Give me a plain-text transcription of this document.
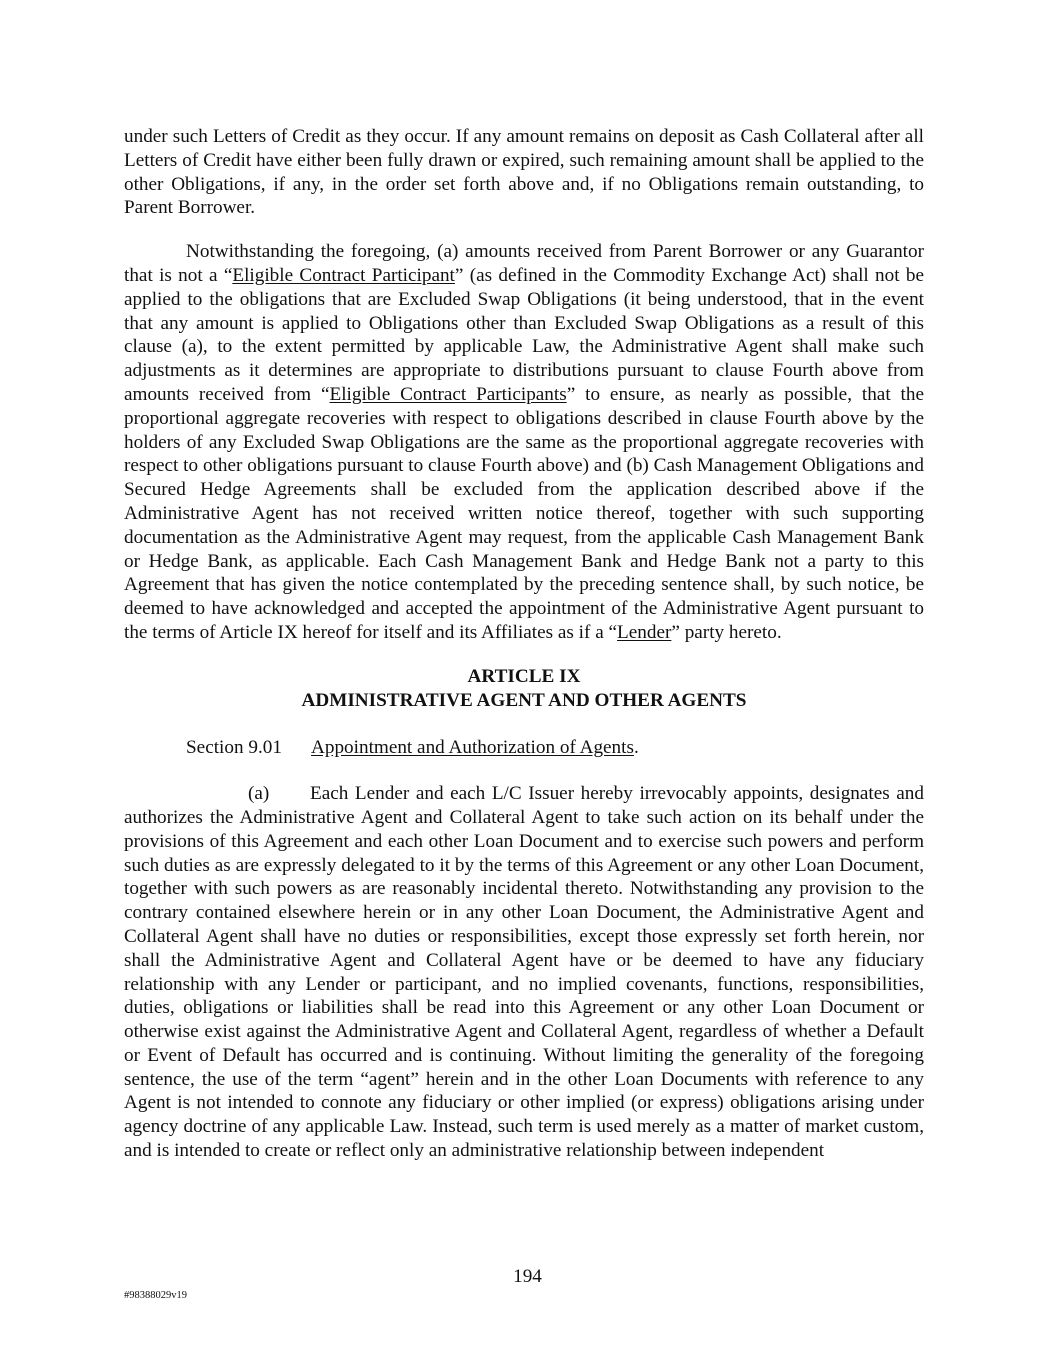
under such Letters of Credit as they occur. If any amount remains on deposit as Cash Collateral after all Letters of Credit have either been fully drawn or expired, such remaining amount shall be applied to the other Obligations, if any, in the order set forth above and, if no Obligations remain outstanding, to Parent Borrower.

Notwithstanding the foregoing, (a) amounts received from Parent Borrower or any Guarantor that is not a “Eligible Contract Participant” (as defined in the Commodity Exchange Act) shall not be applied to the obligations that are Excluded Swap Obligations (it being understood, that in the event that any amount is applied to Obligations other than Excluded Swap Obligations as a result of this clause (a), to the extent permitted by applicable Law, the Administrative Agent shall make such adjustments as it determines are appropriate to distributions pursuant to clause Fourth above from amounts received from “Eligible Contract Participants” to ensure, as nearly as possible, that the proportional aggregate recoveries with respect to obligations described in clause Fourth above by the holders of any Excluded Swap Obligations are the same as the proportional aggregate recoveries with respect to other obligations pursuant to clause Fourth above) and (b) Cash Management Obligations and Secured Hedge Agreements shall be excluded from the application described above if the Administrative Agent has not received written notice thereof, together with such supporting documentation as the Administrative Agent may request, from the applicable Cash Management Bank or Hedge Bank, as applicable. Each Cash Management Bank and Hedge Bank not a party to this Agreement that has given the notice contemplated by the preceding sentence shall, by such notice, be deemed to have acknowledged and accepted the appointment of the Administrative Agent pursuant to the terms of Article IX hereof for itself and its Affiliates as if a “Lender” party hereto.

ARTICLE IX
ADMINISTRATIVE AGENT AND OTHER AGENTS
Section 9.01 Appointment and Authorization of Agents.

(a) Each Lender and each L/C Issuer hereby irrevocably appoints, designates and authorizes the Administrative Agent and Collateral Agent to take such action on its behalf under the provisions of this Agreement and each other Loan Document and to exercise such powers and perform such duties as are expressly delegated to it by the terms of this Agreement or any other Loan Document, together with such powers as are reasonably incidental thereto. Notwithstanding any provision to the contrary contained elsewhere herein or in any other Loan Document, the Administrative Agent and Collateral Agent shall have no duties or responsibilities, except those expressly set forth herein, nor shall the Administrative Agent and Collateral Agent have or be deemed to have any fiduciary relationship with any Lender or participant, and no implied covenants, functions, responsibilities, duties, obligations or liabilities shall be read into this Agreement or any other Loan Document or otherwise exist against the Administrative Agent and Collateral Agent, regardless of whether a Default or Event of Default has occurred and is continuing. Without limiting the generality of the foregoing sentence, the use of the term “agent” herein and in the other Loan Documents with reference to any Agent is not intended to connote any fiduciary or other implied (or express) obligations arising under agency doctrine of any applicable Law. Instead, such term is used merely as a matter of market custom, and is intended to create or reflect only an administrative relationship between independent

194
#98388029v19
